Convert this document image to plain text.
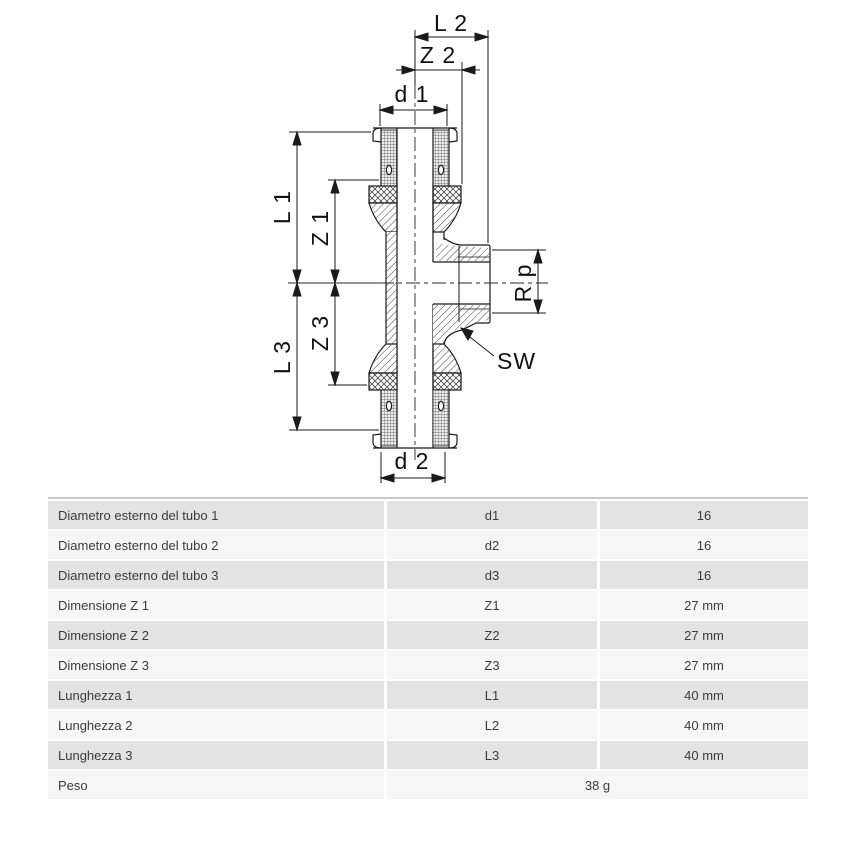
L 2
Z 2
d 1
L 1
Z 1
Z 3
L 3
R p
d 2
SW
Diametro esterno del tubo 1	d1	16
Diametro esterno del tubo 2	d2	16
Diametro esterno del tubo 3	d3	16
Dimensione Z 1	Z1	27 mm
Dimensione Z 2	Z2	27 mm
Dimensione Z 3	Z3	27 mm
Lunghezza 1	L1	40 mm
Lunghezza 2	L2	40 mm
Lunghezza 3	L3	40 mm
Peso	38 g
